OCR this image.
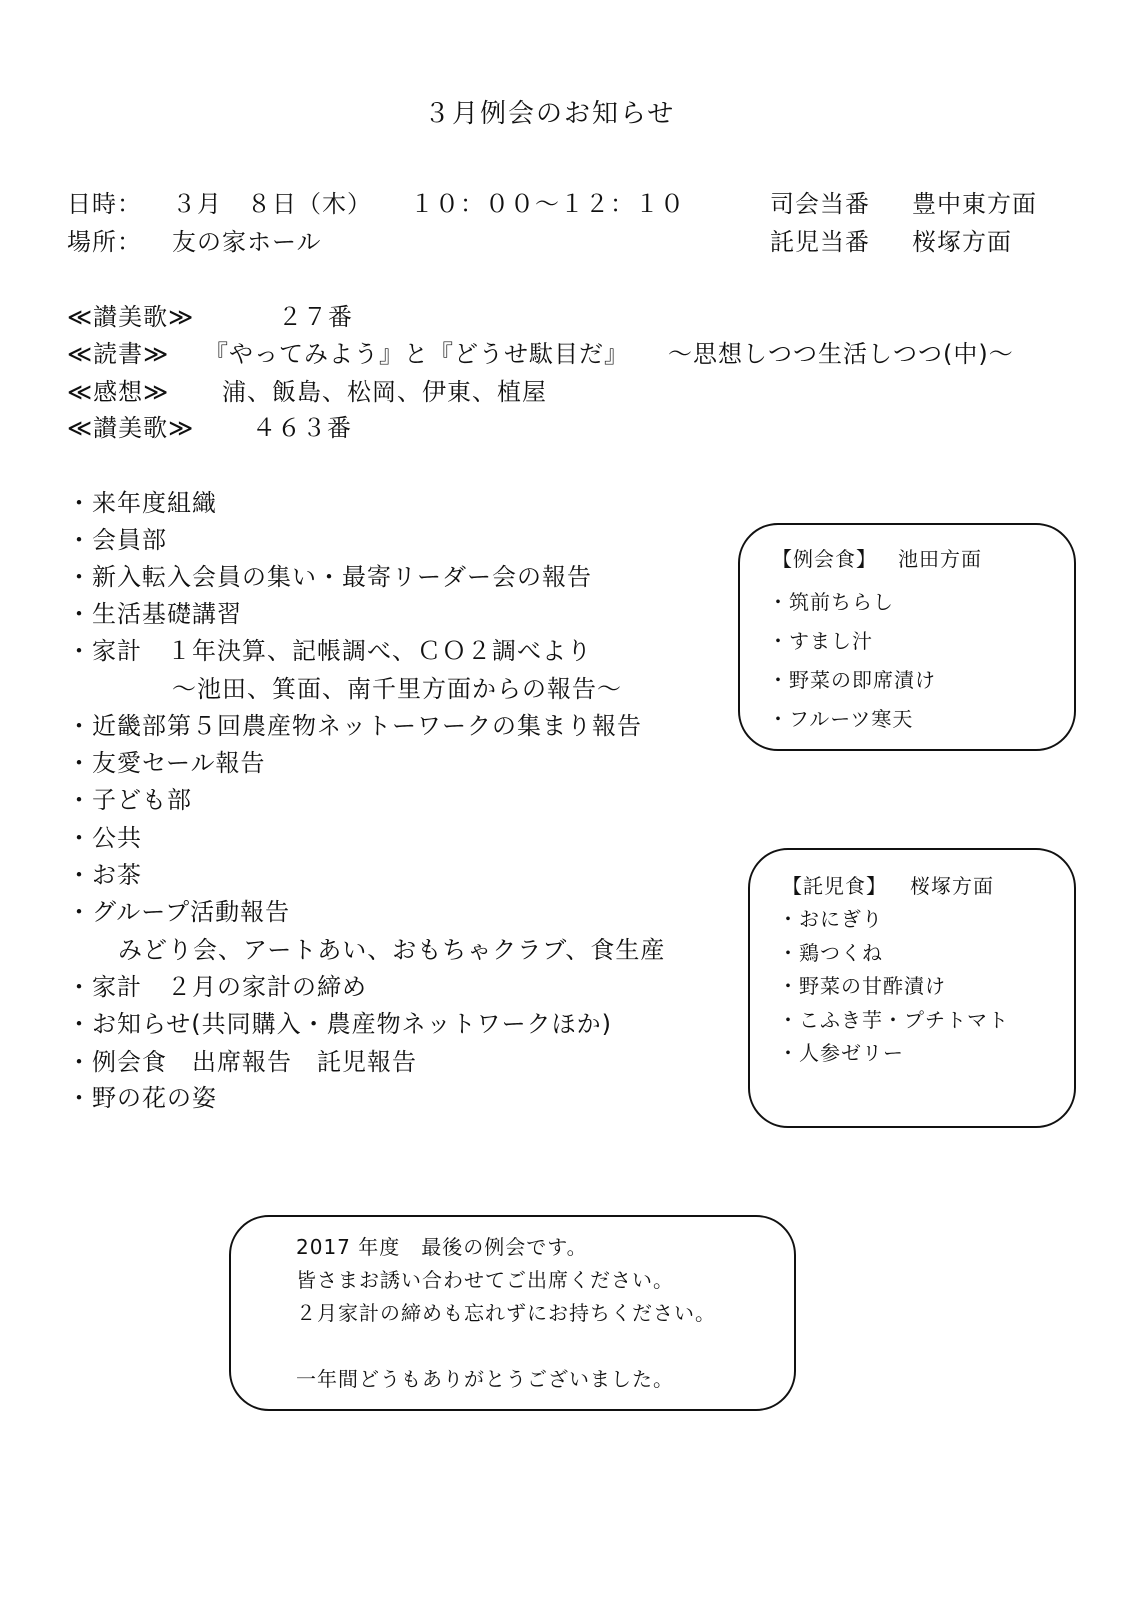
３月例会のお知らせ
日時： ３月　８日（木） １０：００～１２：１０	司会当番 豊中東方面
場所： 友の家ホール	託児当番 桜塚方面
≪讃美歌≫	２７番
≪読書≫ 『やってみよう』と『どうせ駄目だ』 ～思想しつつ生活しつつ(中)～
≪感想≫ 浦、飯島、松岡、伊東、植屋
≪讃美歌≫ ４６３番
・来年度組織
・会員部
・新入転入会員の集い・最寄リーダー会の報告
・生活基礎講習
・家計　１年決算、記帳調べ、ＣＯ２調べより
～池田、箕面、南千里方面からの報告～
・近畿部第５回農産物ネットーワークの集まり報告
・友愛セール報告
・子ども部
・公共
・お茶
・グループ活動報告
みどり会、アートあい、おもちゃクラブ、食生産
・家計　２月の家計の締め
・お知らせ(共同購入・農産物ネットワークほか)
・例会食　出席報告　託児報告
・野の花の姿
【例会食】 池田方面
・筑前ちらし
・すまし汁
・野菜の即席漬け
・フルーツ寒天
【託児食】 桜塚方面
・おにぎり
・鶏つくね
・野菜の甘酢漬け
・こふき芋・プチトマト
・人参ゼリー
2017 年度　最後の例会です。
皆さまお誘い合わせてご出席ください。
２月家計の締めも忘れずにお持ちください。
一年間どうもありがとうございました。
